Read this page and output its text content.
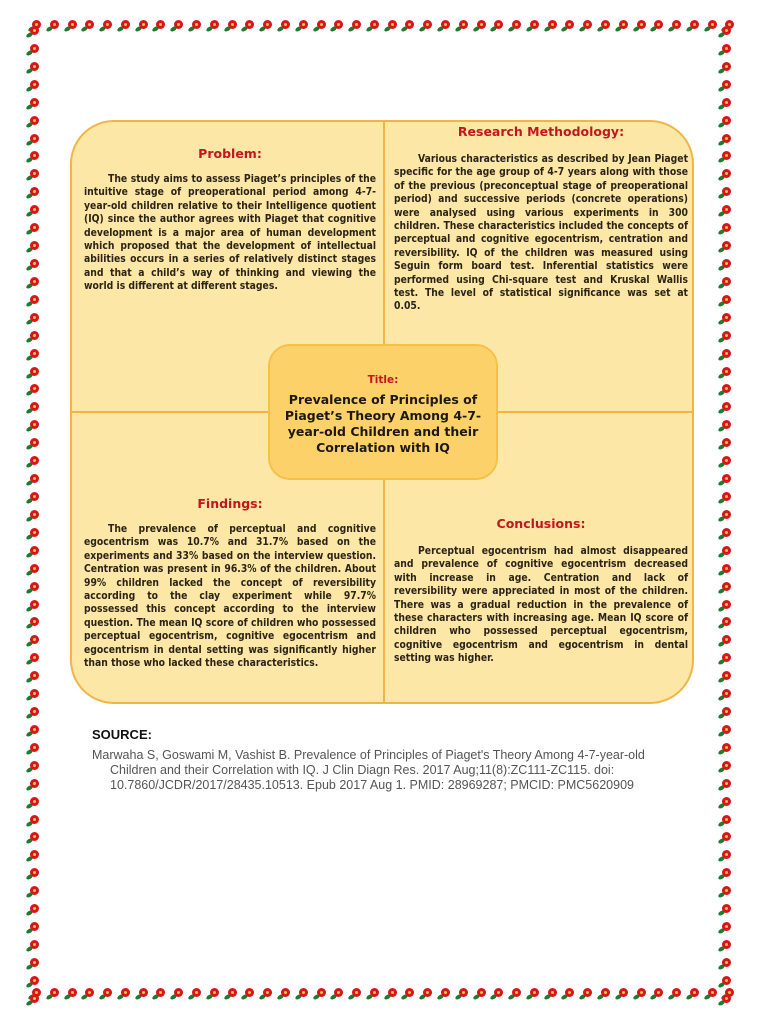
Problem:

The study aims to assess Piaget’s principles of the intuitive stage of preoperational period among 4-7-year-old children relative to their Intelligence quotient (IQ) since the author agrees with Piaget that cognitive development is a major area of human development which proposed that the development of intellectual abilities occurs in a series of relatively distinct stages and that a child’s way of thinking and viewing the world is different at different stages.

Research Methodology:

Various characteristics as described by Jean Piaget specific for the age group of 4-7 years along with those of the previous (preconceptual stage of preoperational period) and successive periods (concrete operations) were analysed using various experiments in 300 children. These characteristics included the concepts of perceptual and cognitive egocentrism, centration and reversibility. IQ of the children was measured using Seguin form board test. Inferential statistics were performed using Chi-square test and Kruskal Wallis test. The level of statistical significance was set at 0.05.

Findings:

The prevalence of perceptual and cognitive egocentrism was 10.7% and 31.7% based on the experiments and 33% based on the interview question. Centration was present in 96.3% of the children. About 99% children lacked the concept of reversibility according to the clay experiment while 97.7% possessed this concept according to the interview question. The mean IQ score of children who possessed perceptual egocentrism, cognitive egocentrism and egocentrism in dental setting was significantly higher than those who lacked these characteristics.

Conclusions:

Perceptual egocentrism had almost disappeared and prevalence of cognitive egocentrism decreased with increase in age. Centration and lack of reversibility were appreciated in most of the children. There was a gradual reduction in the prevalence of these characters with increasing age. Mean IQ score of children who possessed perceptual egocentrism, cognitive egocentrism and egocentrism in dental setting was higher.

Title:
Prevalence of Principles of Piaget’s Theory Among 4-7-year-old Children and their Correlation with IQ
SOURCE:
Marwaha S, Goswami M, Vashist B. Prevalence of Principles of Piaget's Theory Among 4-7-year-old Children and their Correlation with IQ. J Clin Diagn Res. 2017 Aug;11(8):ZC111-ZC115. doi: 10.7860/JCDR/2017/28435.10513. Epub 2017 Aug 1. PMID: 28969287; PMCID: PMC5620909
